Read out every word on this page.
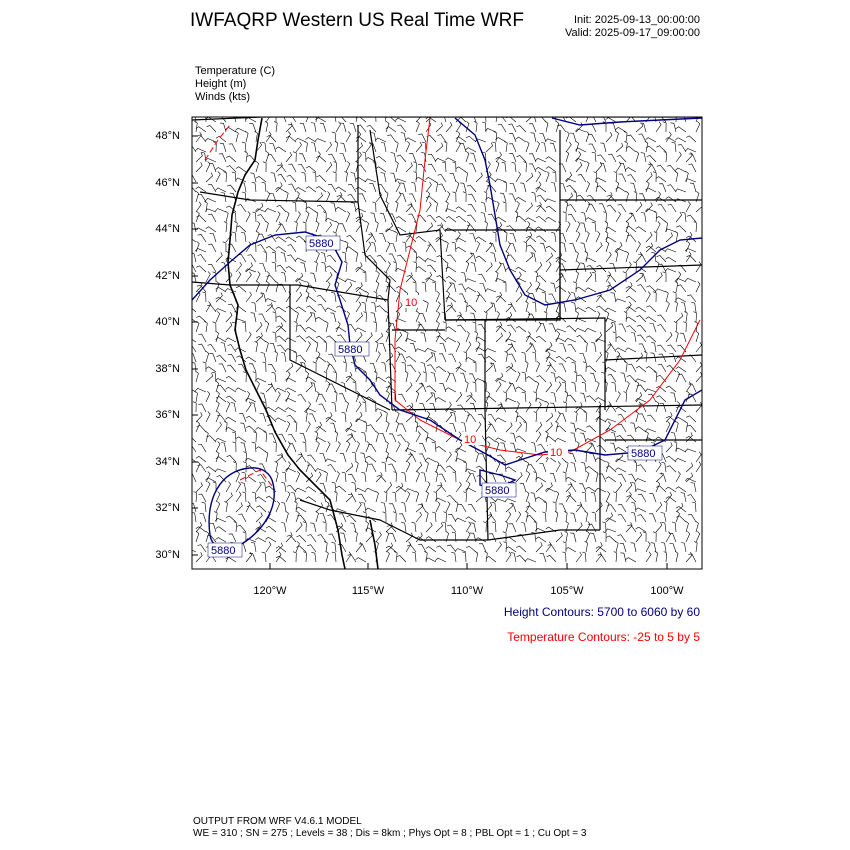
IWFAQRP Western US Real Time WRF	Init: 2025-09-13_00:00:00
Valid: 2025-09-17_09:00:00
Temperature (C)
Height (m)
Winds (kts)
5880
5880
5880
5880
5880
10
10
10
48°N
46°N
44°N
42°N
40°N
38°N
36°N
34°N
32°N
30°N
120°W	115°W	110°W	105°W	100°W
Height Contours: 5700 to 6060 by 60
Temperature Contours: -25 to 5 by 5
OUTPUT FROM WRF V4.6.1 MODEL
WE = 310 ; SN = 275 ; Levels = 38 ; Dis = 8km ; Phys Opt = 8 ; PBL Opt = 1 ; Cu Opt = 3
